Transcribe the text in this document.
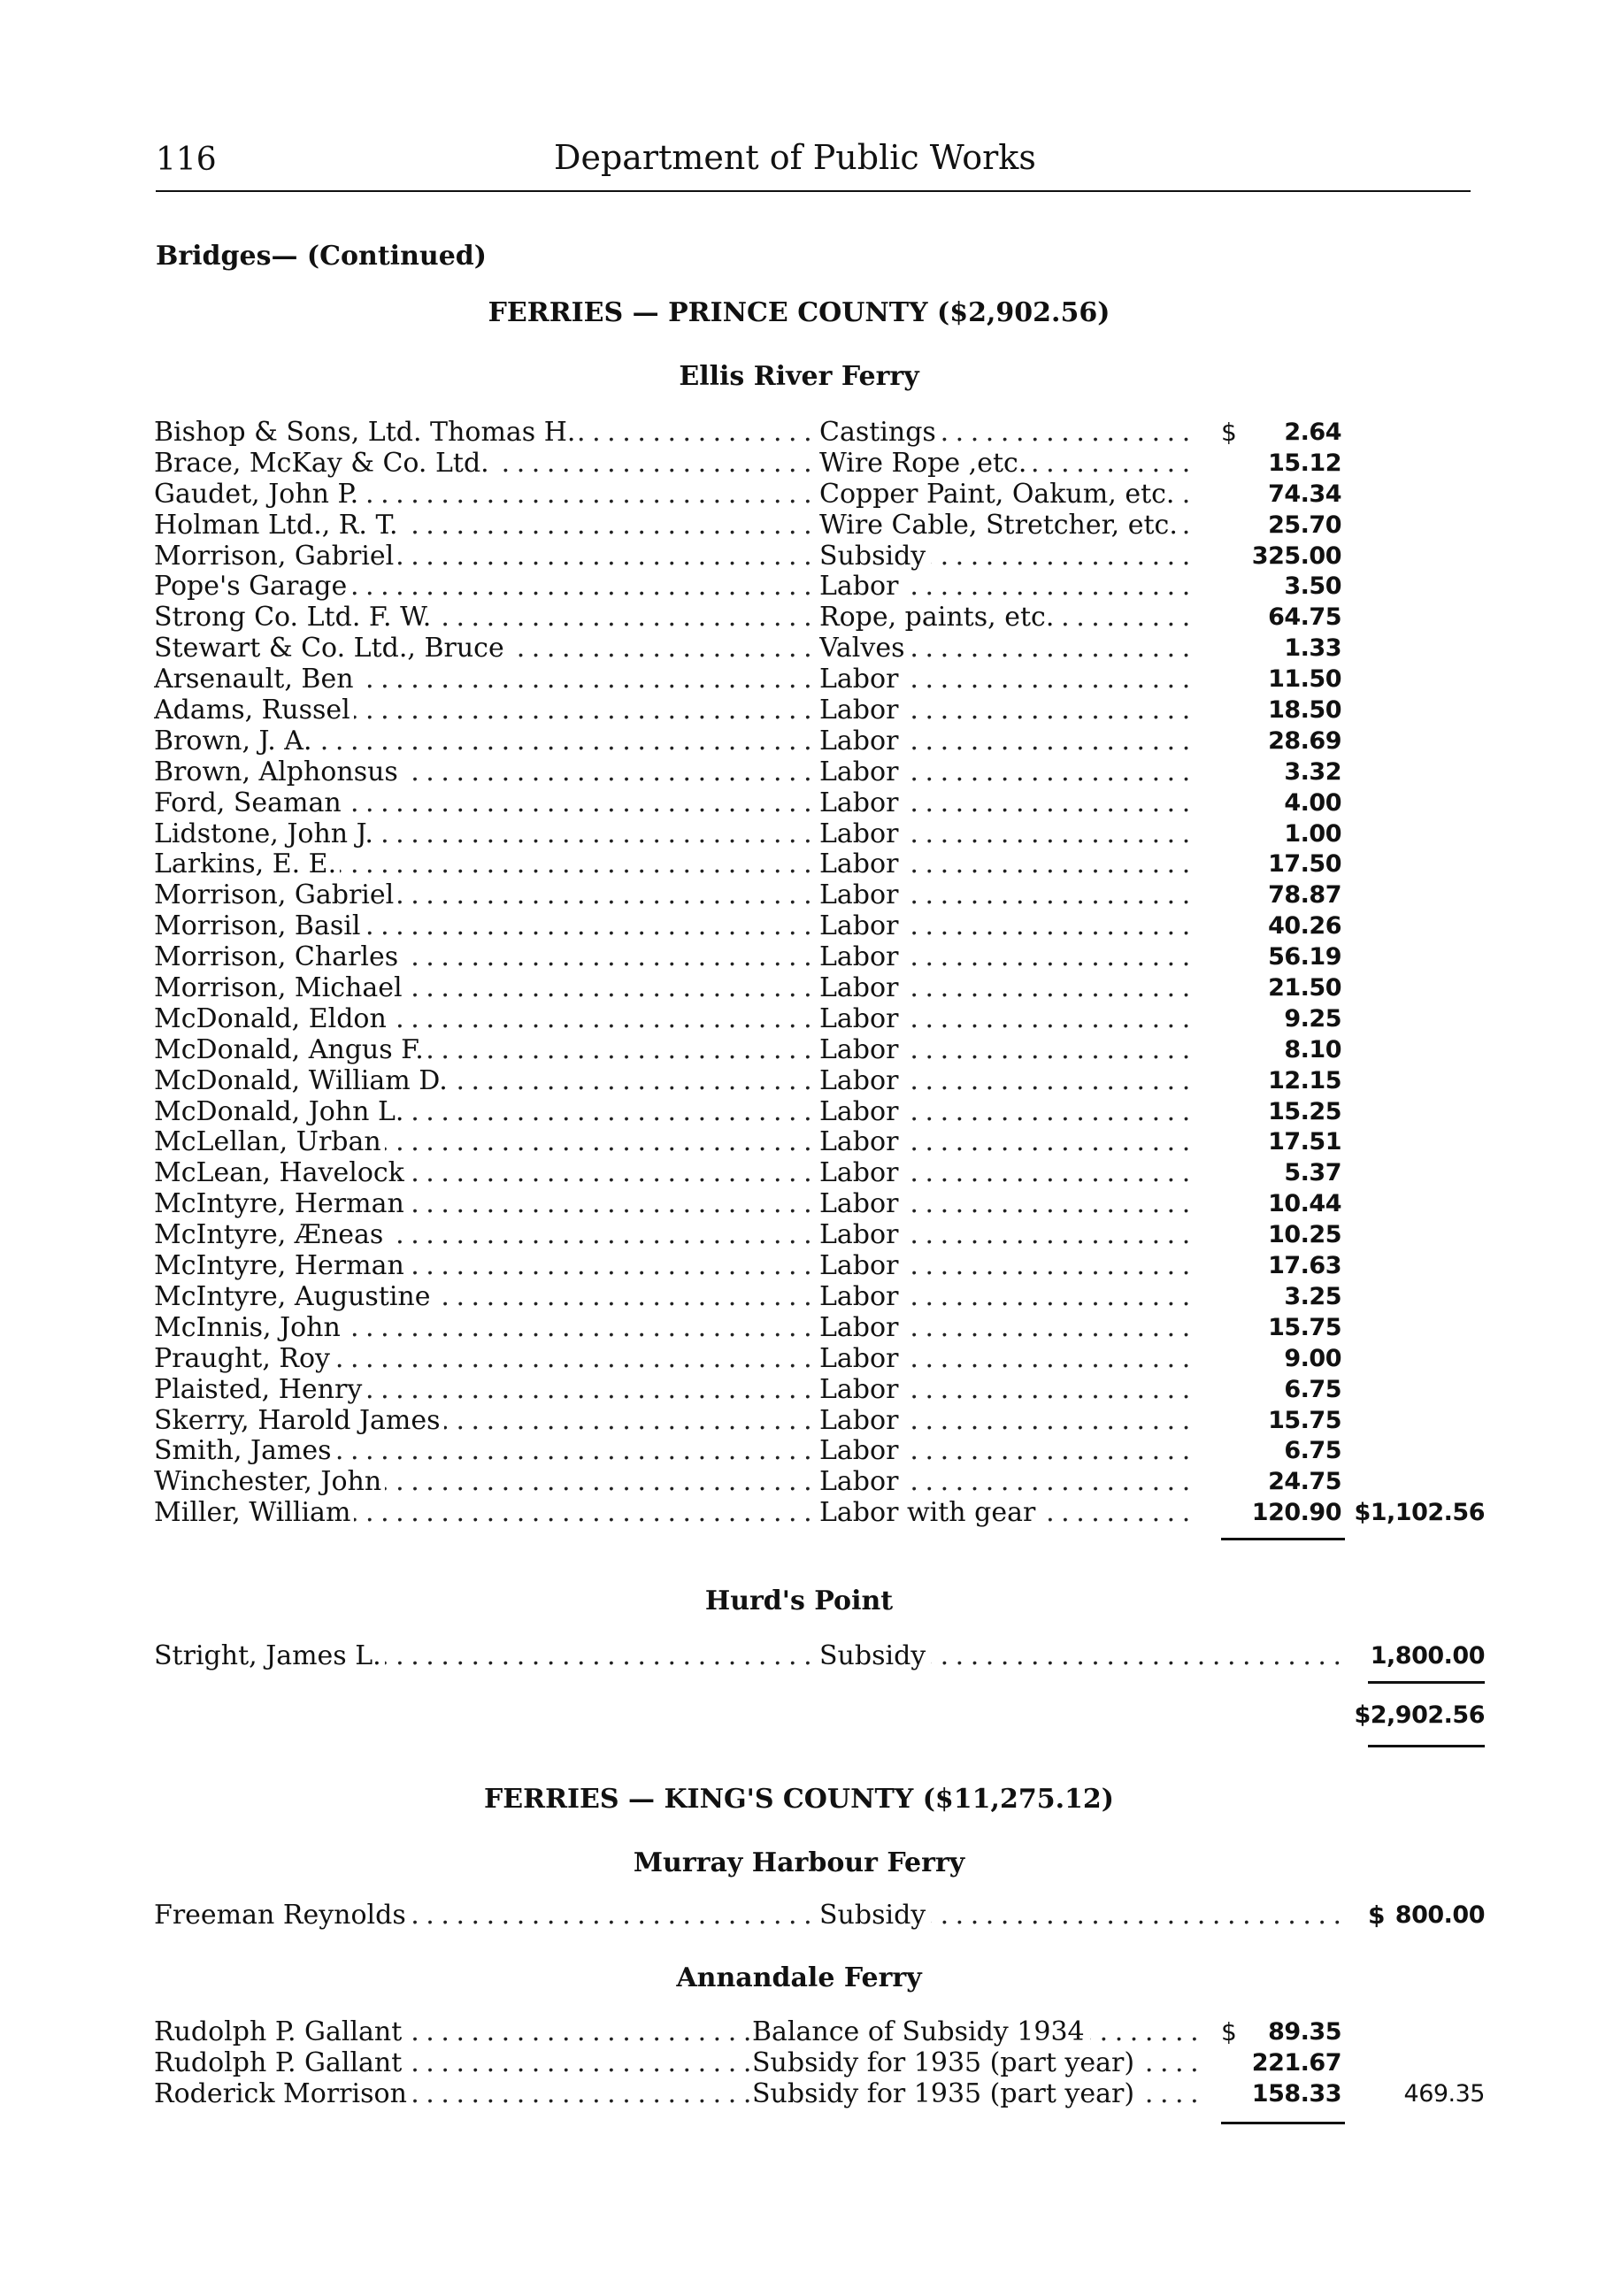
116	Department of Public Works
Bridges— (Continued)
FERRIES — PRINCE COUNTY ($2,902.56)
Ellis River Ferry
Bishop & Sons, Ltd. Thomas H. . . .	Castings . . .	$ 2.64
Brace, McKay & Co. Ltd. . . .	Wire Rope ,etc. . . .	15.12
Gaudet, John P. . . .	Copper Paint, Oakum, etc. . . .	74.34
Holman Ltd., R. T. . . .	Wire Cable, Stretcher, etc. . . .	25.70
Morrison, Gabriel . . .	Subsidy . . .	325.00
Pope's Garage . . .	Labor . . .	3.50
Strong Co. Ltd. F. W. . . .	Rope, paints, etc. . . .	64.75
Stewart & Co. Ltd., Bruce . . .	Valves . . .	1.33
Arsenault, Ben . . .	Labor . . .	11.50
Adams, Russel . . .	Labor . . .	18.50
Brown, J. A. . . .	Labor . . .	28.69
Brown, Alphonsus . . .	Labor . . .	3.32
Ford, Seaman . . .	Labor . . .	4.00
Lidstone, John J. . . .	Labor . . .	1.00
Larkins, E. E. . . .	Labor . . .	17.50
Morrison, Gabriel . . .	Labor . . .	78.87
Morrison, Basil . . .	Labor . . .	40.26
Morrison, Charles . . .	Labor . . .	56.19
Morrison, Michael . . .	Labor . . .	21.50
McDonald, Eldon . . .	Labor . . .	9.25
McDonald, Angus F. . . .	Labor . . .	8.10
McDonald, William D. . . .	Labor . . .	12.15
McDonald, John L. . . .	Labor . . .	15.25
McLellan, Urban . . .	Labor . . .	17.51
McLean, Havelock . . .	Labor . . .	5.37
McIntyre, Herman . . .	Labor . . .	10.44
McIntyre, Æneas . . .	Labor . . .	10.25
McIntyre, Herman . . .	Labor . . .	17.63
McIntyre, Augustine . . .	Labor . . .	3.25
McInnis, John . . .	Labor . . .	15.75
Praught, Roy . . .	Labor . . .	9.00
Plaisted, Henry . . .	Labor . . .	6.75
Skerry, Harold James . . .	Labor . . .	15.75
Smith, James . . .	Labor . . .	6.75
Winchester, John . . .	Labor . . .	24.75
Miller, William . . .	Labor with gear . . .	120.90 $1,102.56
Hurd's Point
Stright, James L. . . .	Subsidy . . .	1,800.00
$2,902.56
FERRIES — KING'S COUNTY ($11,275.12)
Murray Harbour Ferry
Freeman Reynolds . . .	Subsidy . . .	$ 800.00
Annandale Ferry
Rudolph P. Gallant . . .	Balance of Subsidy 1934 . . .	$ 89.35
Rudolph P. Gallant . . .	Subsidy for 1935 (part year) . . .	221.67
Roderick Morrison . . .	Subsidy for 1935 (part year) . . .	158.33	469.35
